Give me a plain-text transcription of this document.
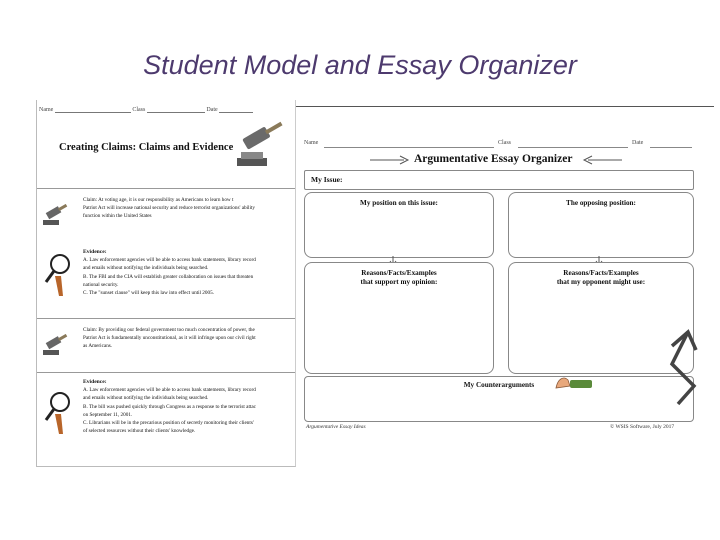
Student Model and Essay Organizer
Name	Class	Date
Creating Claims: Claims and Evidence
Claim: At voting age, it is our responsibility as Americans to learn how t
Patriot Act will increase national security and reduce terrorist organizations' ability
function within the United States
Evidence:
A. Law enforcement agencies will be able to access bank statements, library record
and emails without notifying the individuals being searched.
B. The FBI and the CIA will establish greater collaboration on issues that threaten
national security.
C. The "sunset clause" will keep this law into effect until 2005.
Claim: By providing our federal government too much concentration of power, the
Patriot Act is fundamentally unconstitutional, as it will infringe upon our civil right
as Americans.
Evidence:
A. Law enforcement agencies will be able to access bank statements, library record
and emails without notifying the individuals being searched.
B. The bill was pushed quickly through Congress as a response to the terrorist attac
on September 11, 2001.
C. Librarians will be in the precarious position of secretly monitoring their clients'
of selected resources without their clients' knowledge.
Name	Class	Date
Argumentative Essay Organizer
My Issue:
My position on this issue:	The opposing position:
Reasons/Facts/Examples
that support my opinion:
Reasons/Facts/Examples
that my opponent might use:
My Counterarguments
Argumentative Essay Ideas	© WSIS Software, July 2017
